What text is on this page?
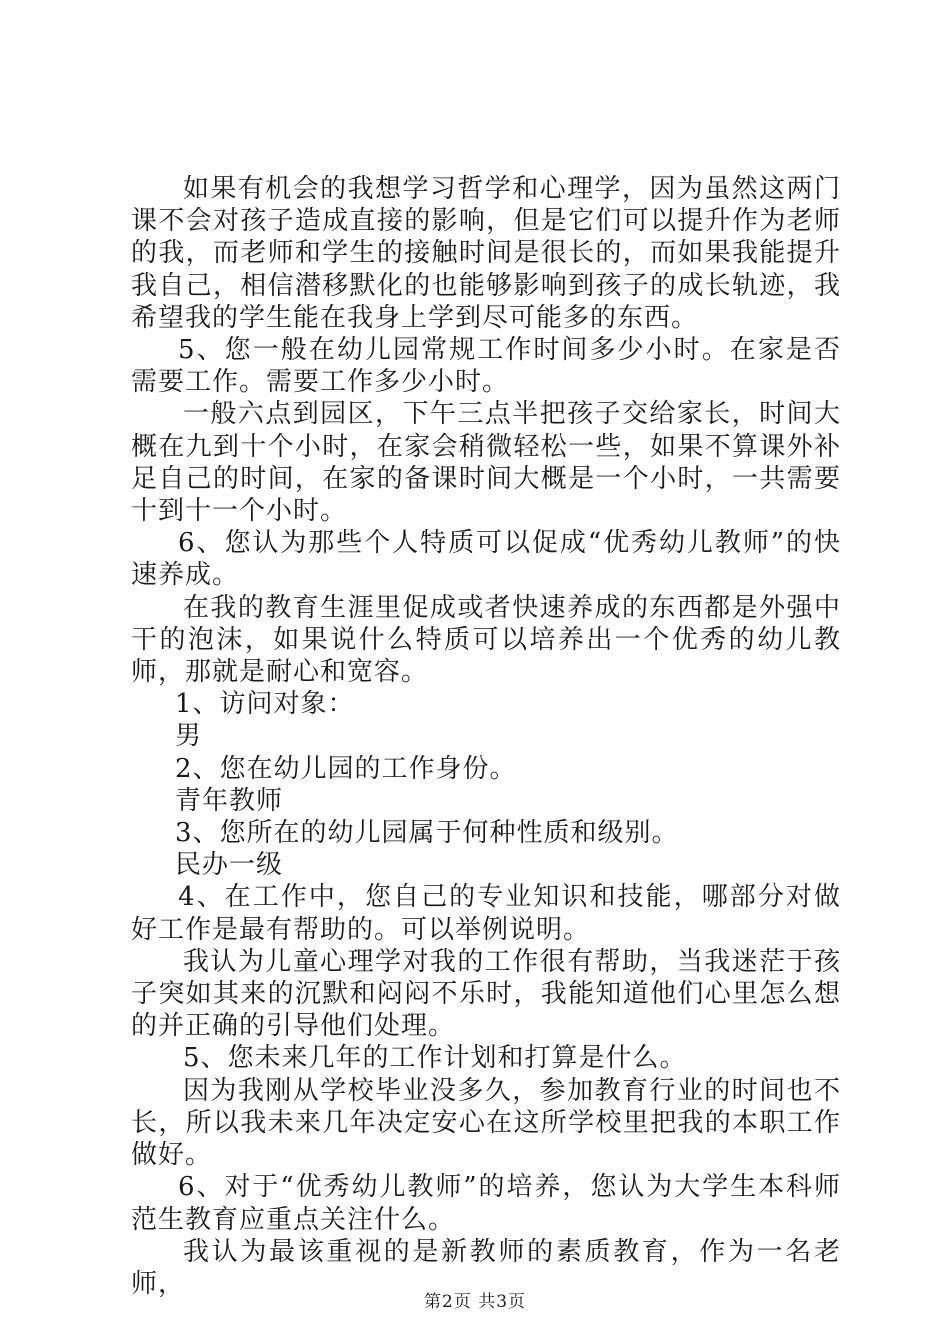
如果有机会的我想学习哲学和心理学，因为虽然这两门课不会对孩子造成直接的影响，但是它们可以提升作为老师的我，而老师和学生的接触时间是很长的，而如果我能提升我自己，相信潜移默化的也能够影响到孩子的成长轨迹，我希望我的学生能在我身上学到尽可能多的东西。

5、您一般在幼儿园常规工作时间多少小时。在家是否需要工作。需要工作多少小时。

一般六点到园区，下午三点半把孩子交给家长，时间大概在九到十个小时，在家会稍微轻松一些，如果不算课外补足自己的时间，在家的备课时间大概是一个小时，一共需要十到十一个小时。

6、您认为那些个人特质可以促成“优秀幼儿教师”的快速养成。

在我的教育生涯里促成或者快速养成的东西都是外强中干的泡沫，如果说什么特质可以培养出一个优秀的幼儿教师，那就是耐心和宽容。

1、访问对象：

男

2、您在幼儿园的工作身份。

青年教师

3、您所在的幼儿园属于何种性质和级别。

民办一级

4、在工作中，您自己的专业知识和技能，哪部分对做好工作是最有帮助的。可以举例说明。

我认为儿童心理学对我的工作很有帮助，当我迷茫于孩子突如其来的沉默和闷闷不乐时，我能知道他们心里怎么想的并正确的引导他们处理。

5、您未来几年的工作计划和打算是什么。

因为我刚从学校毕业没多久，参加教育行业的时间也不长，所以我未来几年决定安心在这所学校里把我的本职工作做好。

6、对于“优秀幼儿教师”的培养，您认为大学生本科师范生教育应重点关注什么。

我认为最该重视的是新教师的素质教育，作为一名老师，

第2页 共3页
